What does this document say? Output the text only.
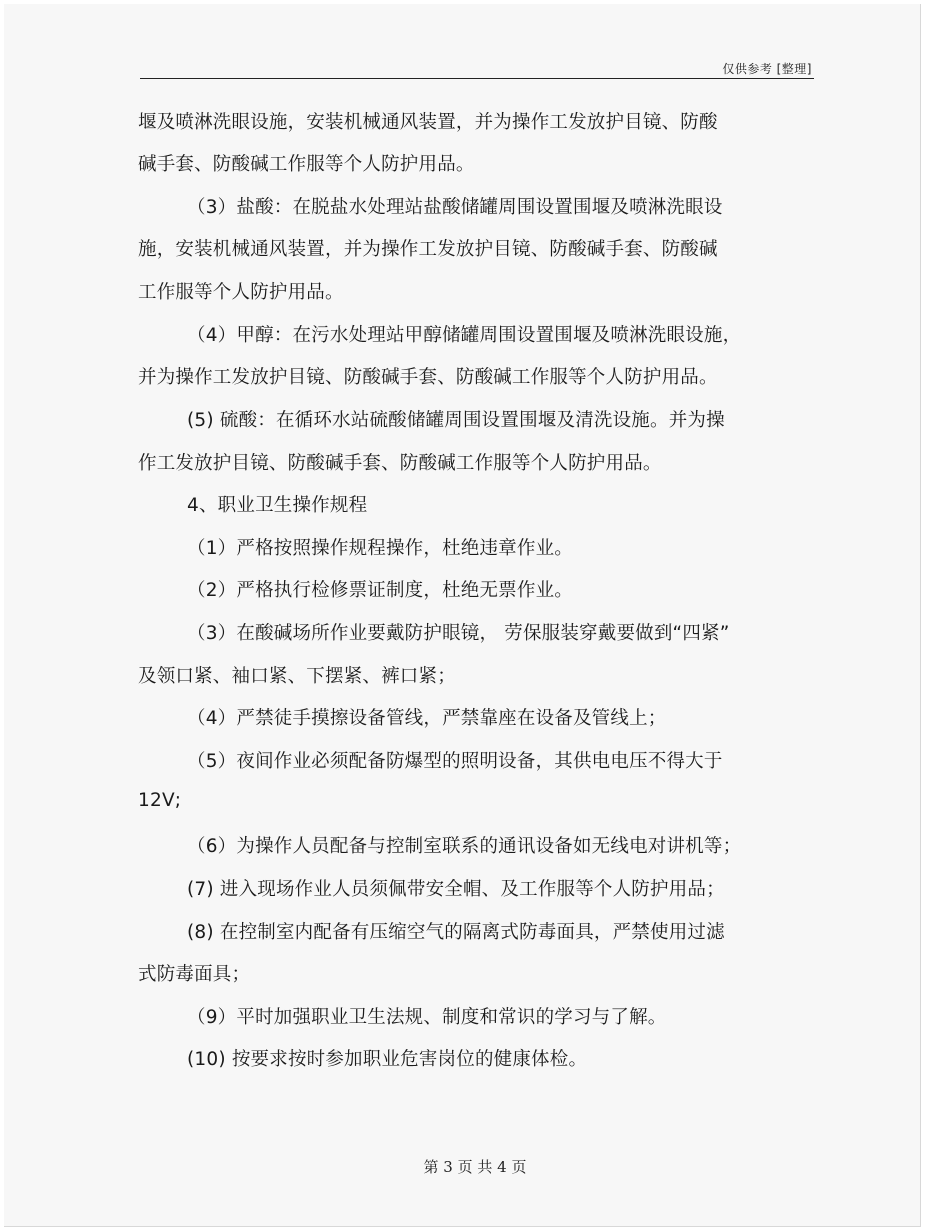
仅供参考 [整理]
堰及喷淋洗眼设施，安装机械通风装置，并为操作工发放护目镜、防酸
碱手套、防酸碱工作服等个人防护用品。
（3）盐酸：在脱盐水处理站盐酸储罐周围设置围堰及喷淋洗眼设
施，安装机械通风装置，并为操作工发放护目镜、防酸碱手套、防酸碱
工作服等个人防护用品。
（4）甲醇：在污水处理站甲醇储罐周围设置围堰及喷淋洗眼设施，
并为操作工发放护目镜、防酸碱手套、防酸碱工作服等个人防护用品。
(5) 硫酸：在循环水站硫酸储罐周围设置围堰及清洗设施。并为操
作工发放护目镜、防酸碱手套、防酸碱工作服等个人防护用品。
4、职业卫生操作规程
（1）严格按照操作规程操作，杜绝违章作业。
（2）严格执行检修票证制度，杜绝无票作业。
（3）在酸碱场所作业要戴防护眼镜， 劳保服装穿戴要做到“四紧”
及领口紧、袖口紧、下摆紧、裤口紧；
（4）严禁徒手摸擦设备管线，严禁靠座在设备及管线上；
（5）夜间作业必须配备防爆型的照明设备，其供电电压不得大于
12V;
（6）为操作人员配备与控制室联系的通讯设备如无线电对讲机等；
(7) 进入现场作业人员须佩带安全帽、及工作服等个人防护用品；
(8) 在控制室内配备有压缩空气的隔离式防毒面具，严禁使用过滤
式防毒面具；
（9）平时加强职业卫生法规、制度和常识的学习与了解。
(10) 按要求按时参加职业危害岗位的健康体检。
第 3 页 共 4 页
